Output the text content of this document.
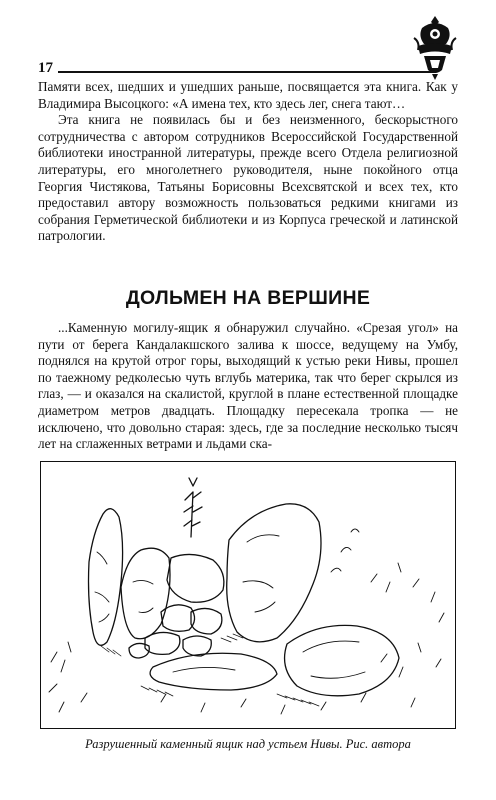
17

Памяти всех, шедших и ушедших раньше, посвящается эта книга. Как у Владимира Высоцкого: «А имена тех, кто здесь лег, снега тают…

Эта книга не появилась бы и без неизменного, бескорыстного сотрудничества с автором сотрудников Всероссийской Государственной библиотеки иностранной литературы, прежде всего Отдела религиозной литературы, его многолетнего руководителя, ныне покойного отца Георгия Чистякова, Татьяны Борисовны Всехсвятской и всех тех, кто предоставил автору возможность пользоваться редкими книгами из собрания Герметической библиотеки и из Корпуса греческой и латинской патрологии.

ДОЛЬМЕН НА ВЕРШИНЕ

...Каменную могилу-ящик я обнаружил случайно. «Срезая угол» на пути от берега Кандалакшского залива к шоссе, ведущему на Умбу, поднялся на крутой отрог горы, выходящий к устью реки Нивы, прошел по таежному редколесью чуть вглубь материка, так что берег скрылся из глаз, — и оказался на скалистой, круглой в плане естественной площадке диаметром метров двадцать. Площадку пересекала тропка — не исключено, что довольно старая: здесь, где за последние несколько тысяч лет на сглаженных ветрами и льдами ска-

Разрушенный каменный ящик над устьем Нивы. Рис. автора
